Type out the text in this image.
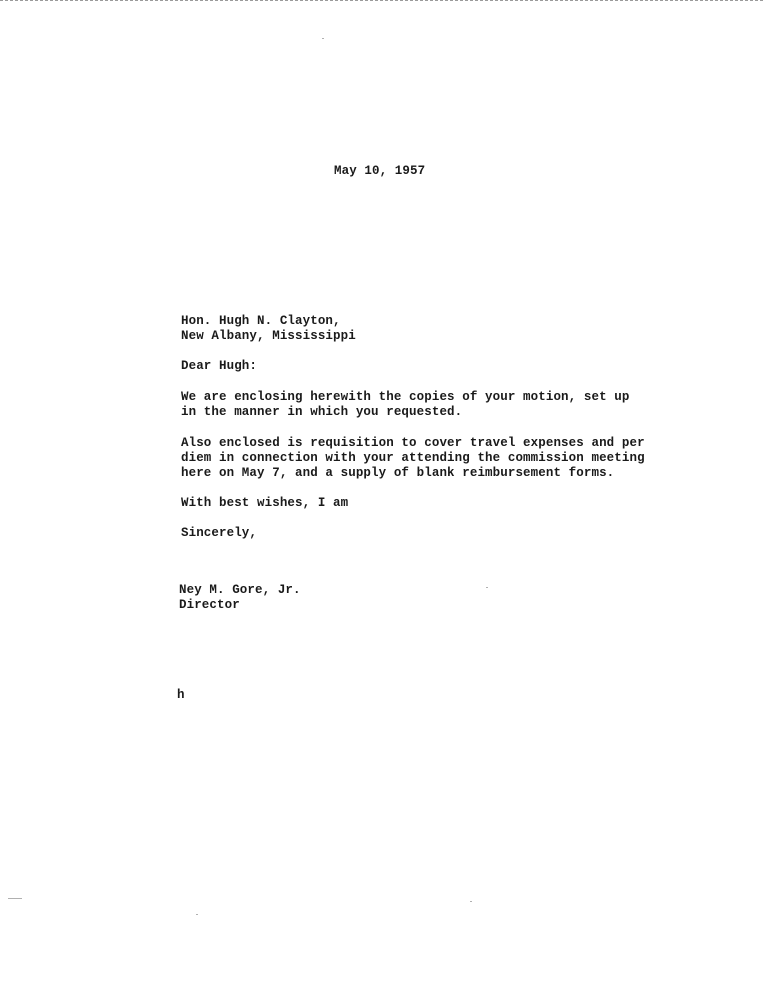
May 10, 1957
Hon. Hugh N. Clayton,
New Albany, Mississippi
Dear Hugh:
We are enclosing herewith the copies of your motion, set up
in the manner in which you requested.
Also enclosed is requisition to cover travel expenses and per
diem in connection with your attending the commission meeting
here on May 7, and a supply of blank reimbursement forms.
With best wishes, I am
Sincerely,
Ney M. Gore, Jr.
Director
h
